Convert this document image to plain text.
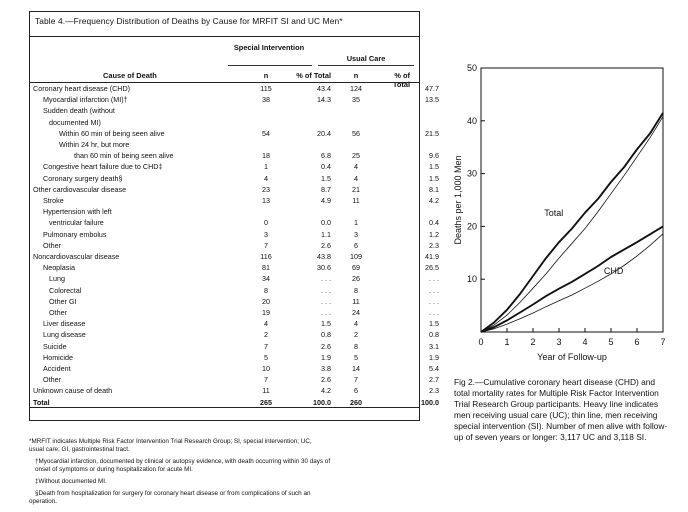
Table 4.—Frequency Distribution of Deaths by Cause for MRFIT SI and UC Men*
Special Intervention
Usual Care
Cause of Death	n	% of Total	n	% of Total
Coronary heart disease (CHD)	115	43.4	124	47.7
Myocardial infarction (MI)†	38	14.3	35	13.5
Sudden death (without
documented MI)
Within 60 min of being seen alive	54	20.4	56	21.5
Within 24 hr, but more
than 60 min of being seen alive	18	6.8	25	9.6
Congestive heart failure due to CHD‡	1	0.4	4	1.5
Coronary surgery death§	4	1.5	4	1.5
Other cardiovascular disease	23	8.7	21	8.1
Stroke	13	4.9	11	4.2
Hypertension with left
ventricular failure	0	0.0	1	0.4
Pulmonary embolus	3	1.1	3	1.2
Other	7	2.6	6	2.3
Noncardiovascular disease	116	43.8	109	41.9
Neoplasia	81	30.6	69	26.5
Lung	34	. . .	26	. . .
Colorectal	8	. . .	8	. . .
Other GI	20	. . .	11	. . .
Other	19	. . .	24	. . .
Liver disease	4	1.5	4	1.5
Lung disease	2	0.8	2	0.8
Suicide	7	2.6	8	3.1
Homicide	5	1.9	5	1.9
Accident	10	3.8	14	5.4
Other	7	2.6	7	2.7
Unknown cause of death	11	4.2	6	2.3
Total	265	100.0	260	100.0
*MRFIT indicates Multiple Risk Factor Intervention Trial Research Group; SI, special intervention; UC,
usual care; GI, gastrointestinal tract.
†Myocardial infarction, documented by clinical or autopsy evidence, with death occurring within 30 days of
onset of symptoms or during hospitalization for acute MI.
‡Without documented MI.
§Death from hospitalization for surgery for coronary heart disease or from complications of such an
operation.
0 1 2 3 4 5 6 7
10
20
30
40
50
Year of Follow-up
Deaths per 1,000 Men	Total
CHD
Fig 2.—Cumulative coronary heart disease (CHD) and total mortality rates for Multiple Risk Factor Intervention Trial Research Group participants. Heavy line indicates men receiving usual care (UC); thin line, men receiving special intervention (SI). Number of men alive with follow-up of seven years or longer: 3,117 UC and 3,118 SI.
